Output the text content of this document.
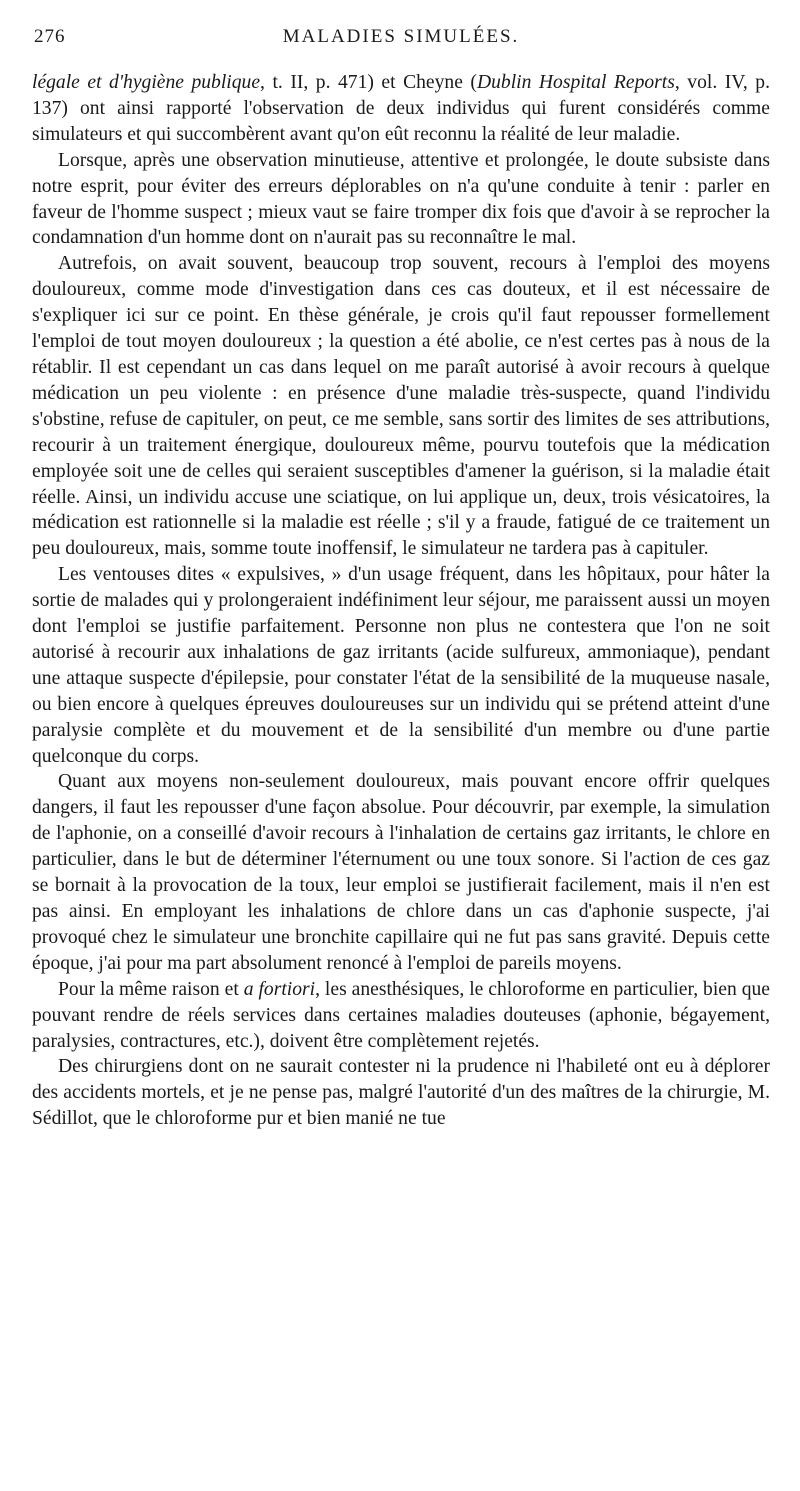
276	MALADIES SIMULÉES.

légale et d'hygiène publique, t. II, p. 471) et Cheyne (Dublin Hospital Reports, vol. IV, p. 137) ont ainsi rapporté l'observation de deux individus qui furent considérés comme simulateurs et qui succombèrent avant qu'on eût reconnu la réalité de leur maladie.

Lorsque, après une observation minutieuse, attentive et prolongée, le doute subsiste dans notre esprit, pour éviter des erreurs déplorables on n'a qu'une conduite à tenir : parler en faveur de l'homme suspect ; mieux vaut se faire tromper dix fois que d'avoir à se reprocher la condamnation d'un homme dont on n'aurait pas su reconnaître le mal.

Autrefois, on avait souvent, beaucoup trop souvent, recours à l'emploi des moyens douloureux, comme mode d'investigation dans ces cas douteux, et il est nécessaire de s'expliquer ici sur ce point. En thèse générale, je crois qu'il faut repousser formellement l'emploi de tout moyen douloureux ; la question a été abolie, ce n'est certes pas à nous de la rétablir. Il est cependant un cas dans lequel on me paraît autorisé à avoir recours à quelque médication un peu violente : en présence d'une maladie très-suspecte, quand l'individu s'obstine, refuse de capituler, on peut, ce me semble, sans sortir des limites de ses attributions, recourir à un traitement énergique, douloureux même, pourvu toutefois que la médication employée soit une de celles qui seraient susceptibles d'amener la guérison, si la maladie était réelle. Ainsi, un individu accuse une sciatique, on lui applique un, deux, trois vésicatoires, la médication est rationnelle si la maladie est réelle ; s'il y a fraude, fatigué de ce traitement un peu douloureux, mais, somme toute inoffensif, le simulateur ne tardera pas à capituler.

Les ventouses dites « expulsives, » d'un usage fréquent, dans les hôpitaux, pour hâter la sortie de malades qui y prolongeraient indéfiniment leur séjour, me paraissent aussi un moyen dont l'emploi se justifie parfaitement. Personne non plus ne contestera que l'on ne soit autorisé à recourir aux inhalations de gaz irritants (acide sulfureux, ammoniaque), pendant une attaque suspecte d'épilepsie, pour constater l'état de la sensibilité de la muqueuse nasale, ou bien encore à quelques épreuves douloureuses sur un individu qui se prétend atteint d'une paralysie complète et du mouvement et de la sensibilité d'un membre ou d'une partie quelconque du corps.

Quant aux moyens non-seulement douloureux, mais pouvant encore offrir quelques dangers, il faut les repousser d'une façon absolue. Pour découvrir, par exemple, la simulation de l'aphonie, on a conseillé d'avoir recours à l'inhalation de certains gaz irritants, le chlore en particulier, dans le but de déterminer l'éternument ou une toux sonore. Si l'action de ces gaz se bornait à la provocation de la toux, leur emploi se justifierait facilement, mais il n'en est pas ainsi. En employant les inhalations de chlore dans un cas d'aphonie suspecte, j'ai provoqué chez le simulateur une bronchite capillaire qui ne fut pas sans gravité. Depuis cette époque, j'ai pour ma part absolument renoncé à l'emploi de pareils moyens.

Pour la même raison et a fortiori, les anesthésiques, le chloroforme en particulier, bien que pouvant rendre de réels services dans certaines maladies douteuses (aphonie, bégayement, paralysies, contractures, etc.), doivent être complètement rejetés.

Des chirurgiens dont on ne saurait contester ni la prudence ni l'habileté ont eu à déplorer des accidents mortels, et je ne pense pas, malgré l'autorité d'un des maîtres de la chirurgie, M. Sédillot, que le chloroforme pur et bien manié ne tue
